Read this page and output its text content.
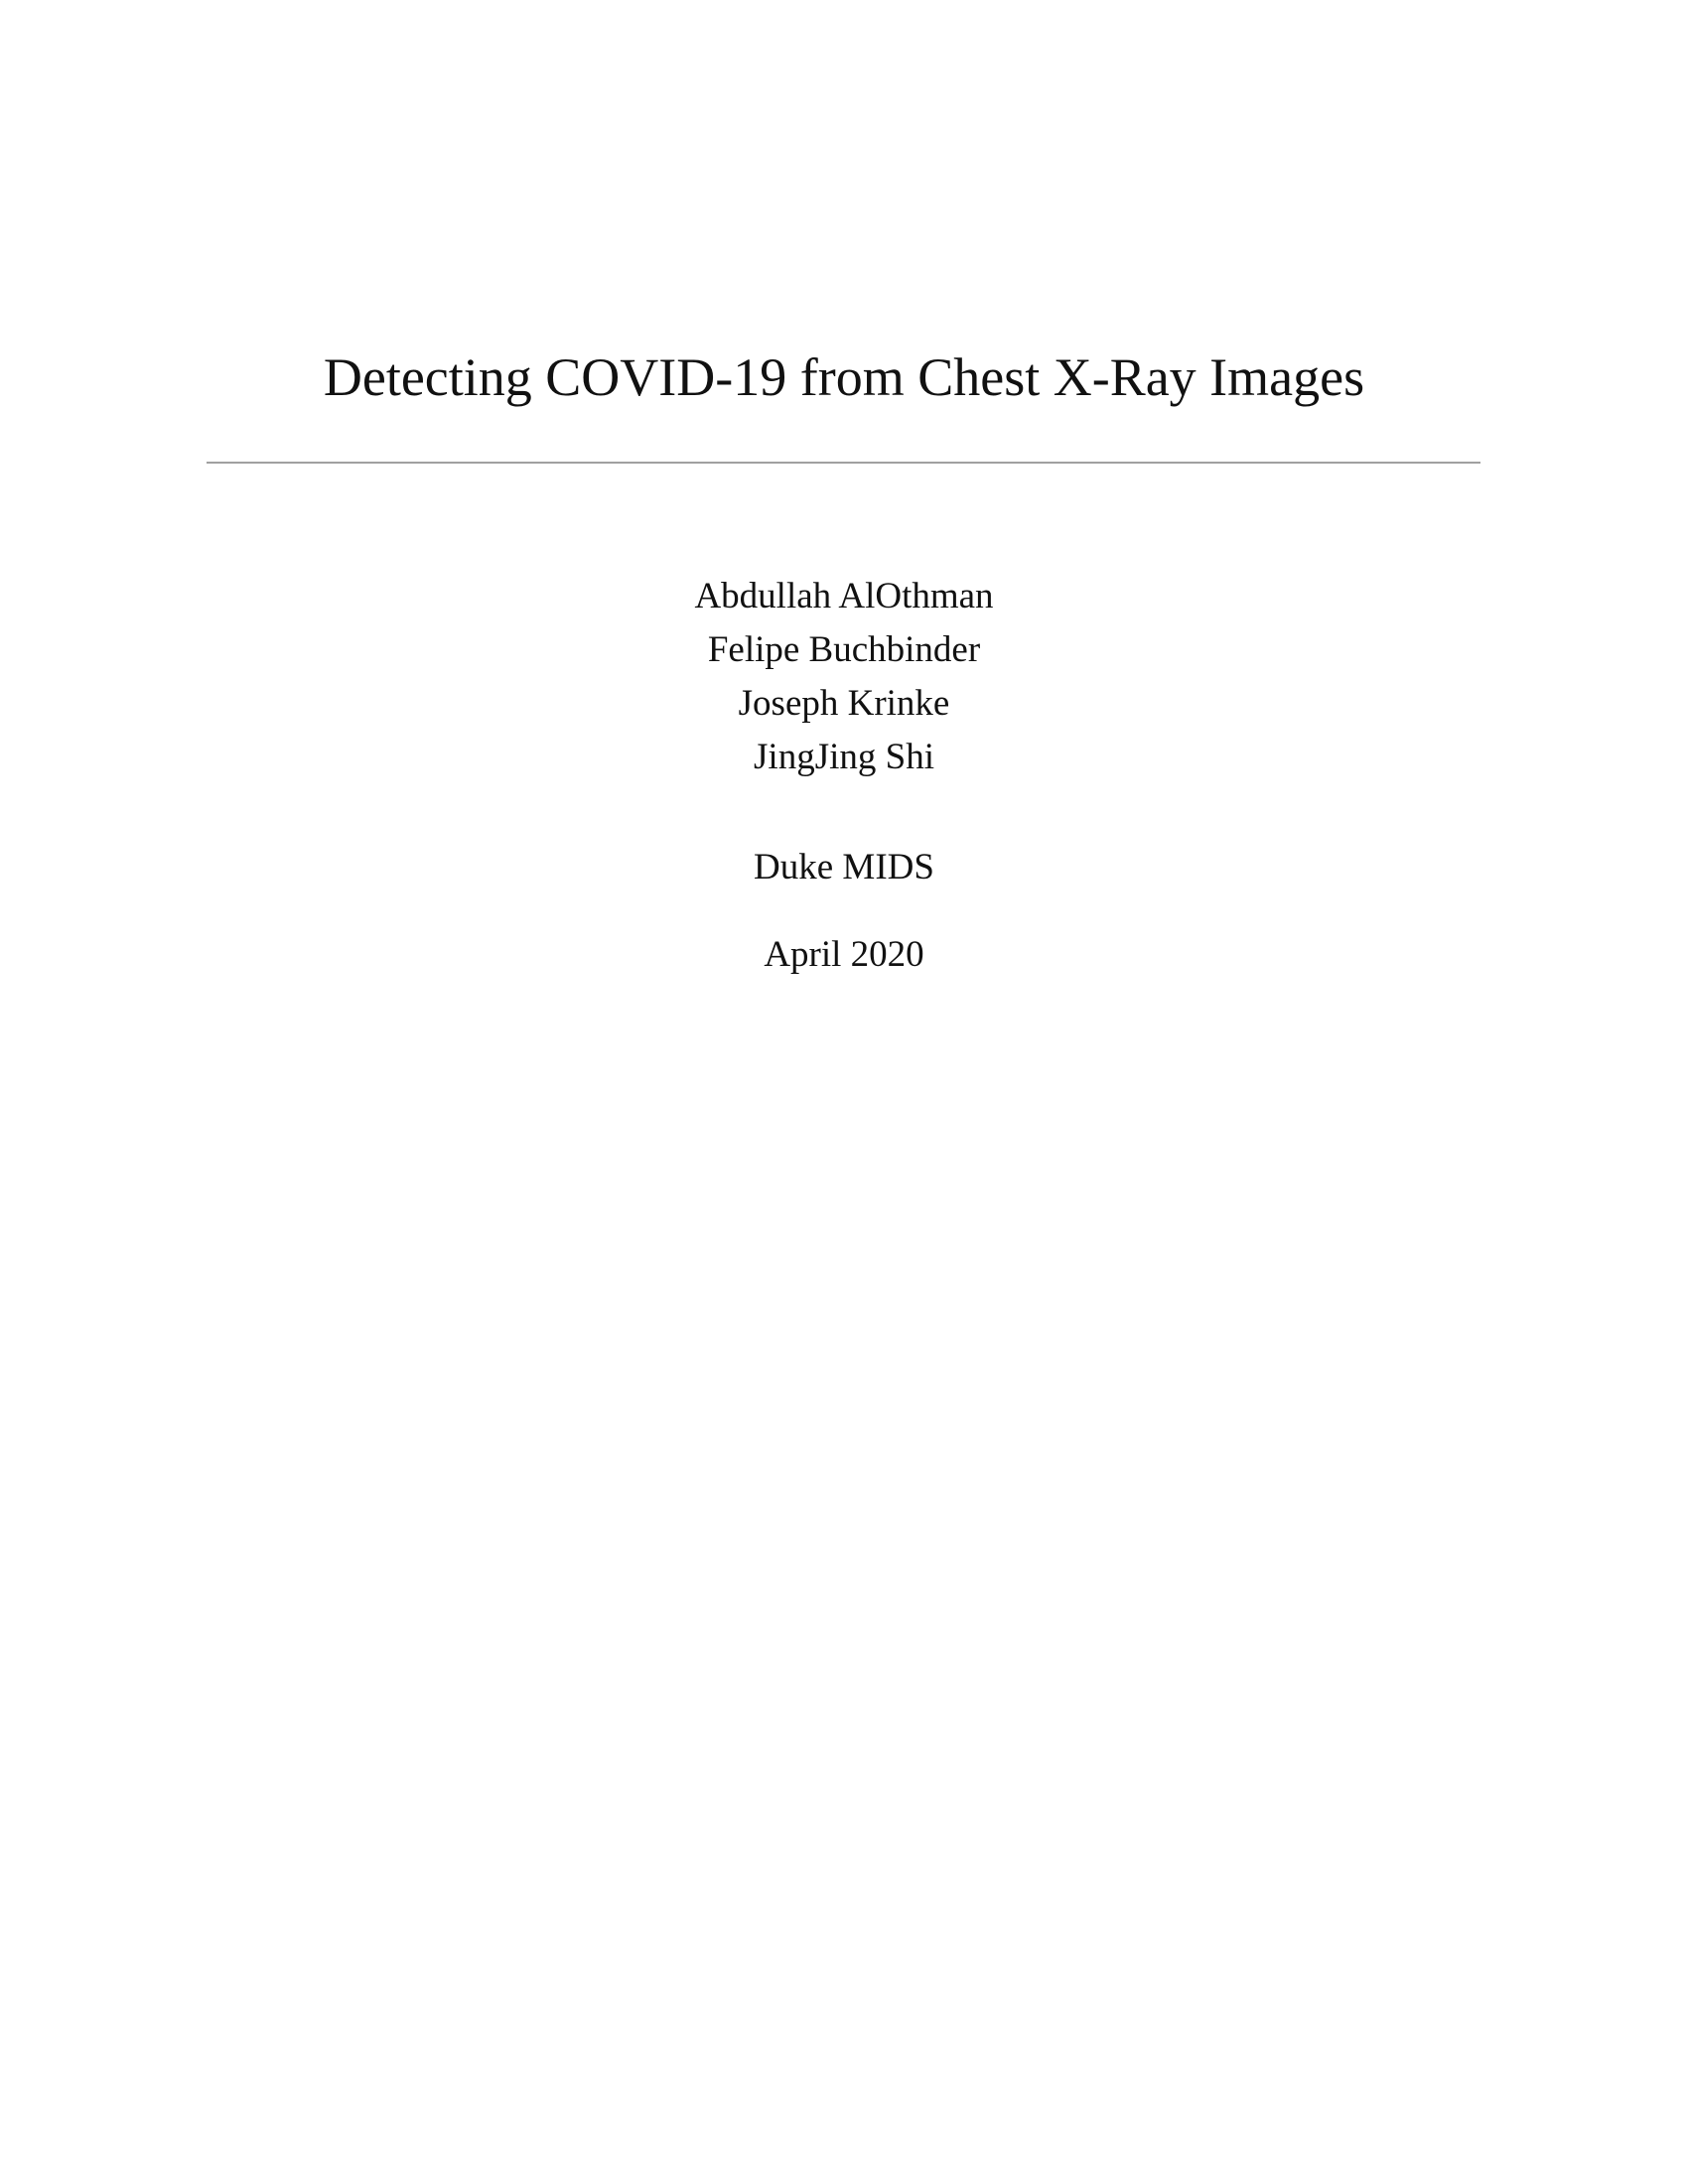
Detecting COVID-19 from Chest X-Ray Images
Abdullah AlOthman
Felipe Buchbinder
Joseph Krinke
JingJing Shi
Duke MIDS
April 2020
